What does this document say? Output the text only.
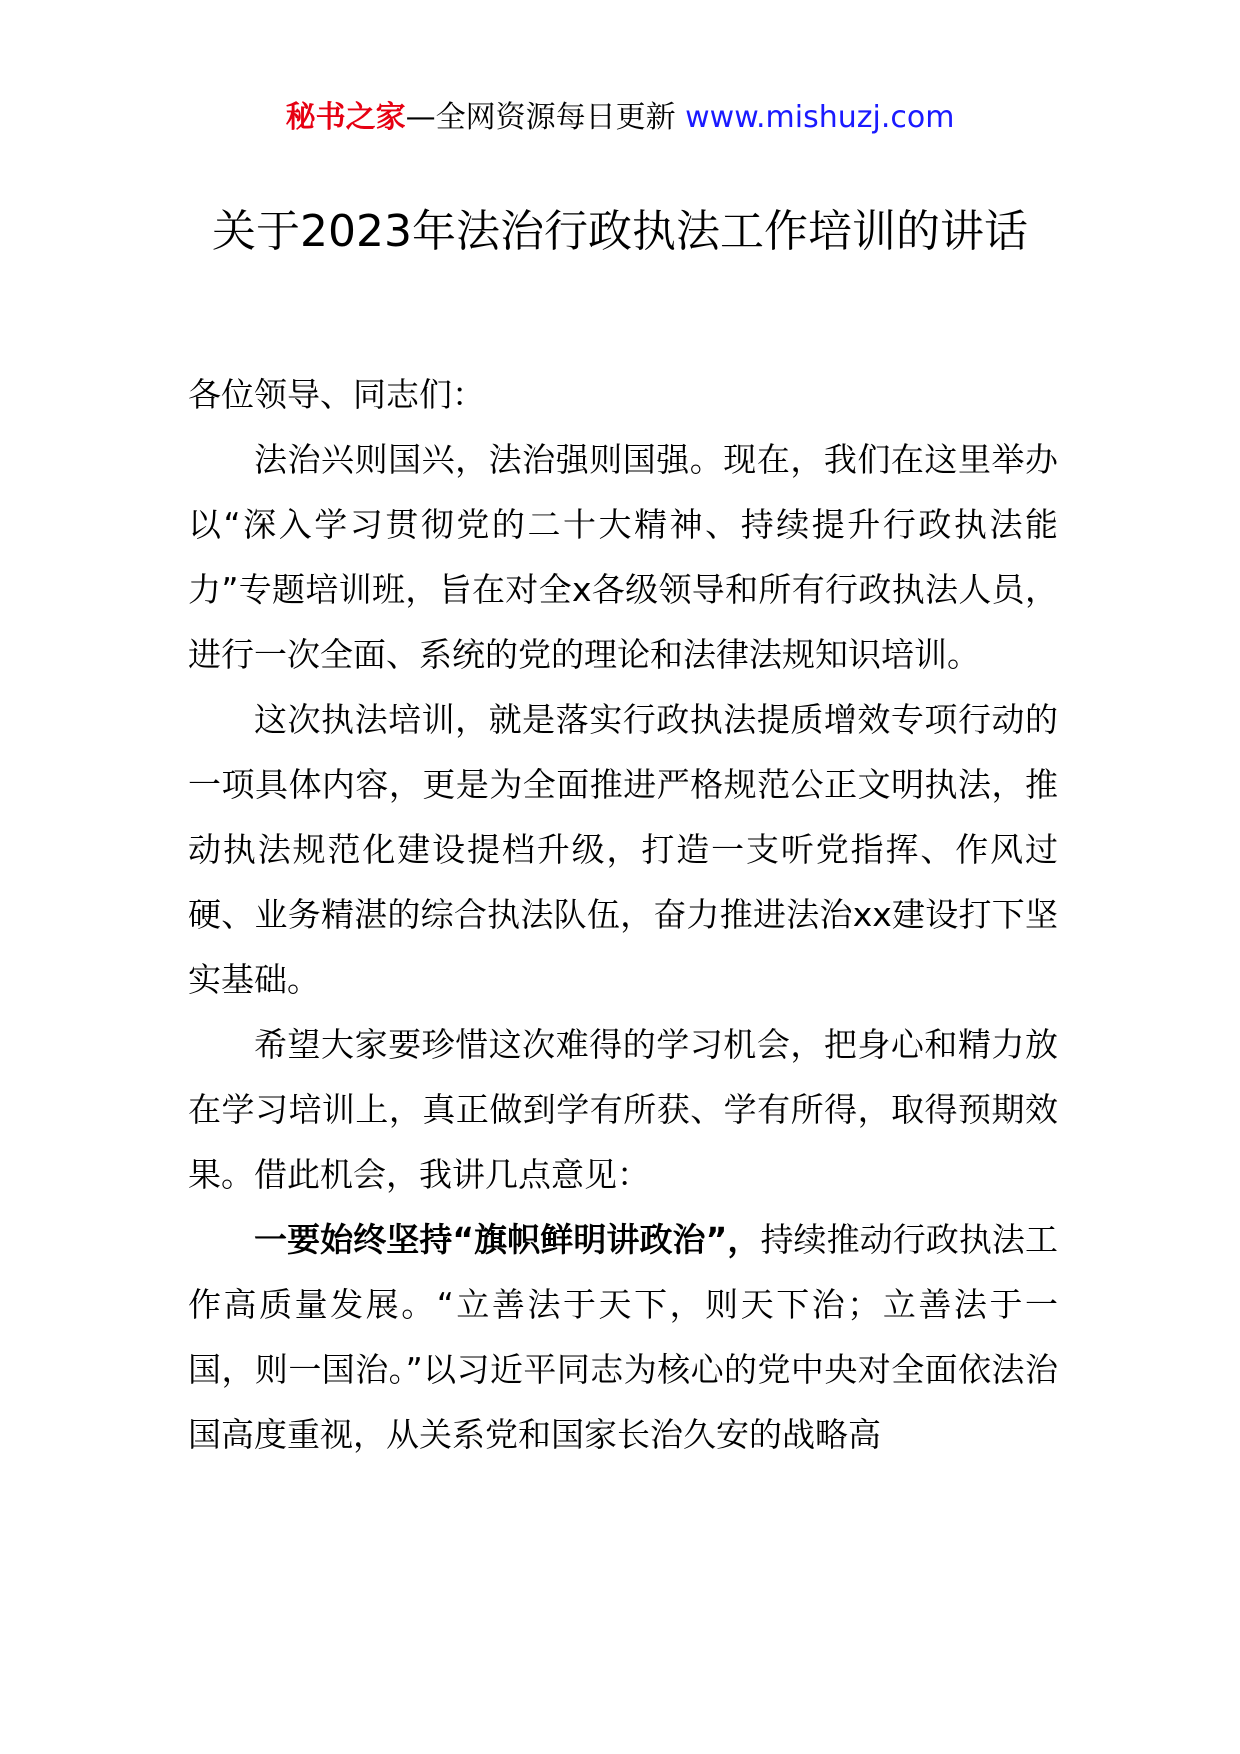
秘书之家—全网资源每日更新 www.mishuzj.com
关于2023年法治行政执法工作培训的讲话

各位领导、同志们：

法治兴则国兴，法治强则国强。现在，我们在这里举办以“深入学习贯彻党的二十大精神、持续提升行政执法能力”专题培训班，旨在对全x各级领导和所有行政执法人员，进行一次全面、系统的党的理论和法律法规知识培训。

这次执法培训，就是落实行政执法提质增效专项行动的一项具体内容，更是为全面推进严格规范公正文明执法，推动执法规范化建设提档升级，打造一支听党指挥、作风过硬、业务精湛的综合执法队伍，奋力推进法治xx建设打下坚实基础。

希望大家要珍惜这次难得的学习机会，把身心和精力放在学习培训上，真正做到学有所获、学有所得，取得预期效果。借此机会，我讲几点意见：

一要始终坚持“旗帜鲜明讲政治”，持续推动行政执法工作高质量发展。“立善法于天下，则天下治；立善法于一国，则一国治。”以习近平同志为核心的党中央对全面依法治国高度重视，从关系党和国家长治久安的战略高
